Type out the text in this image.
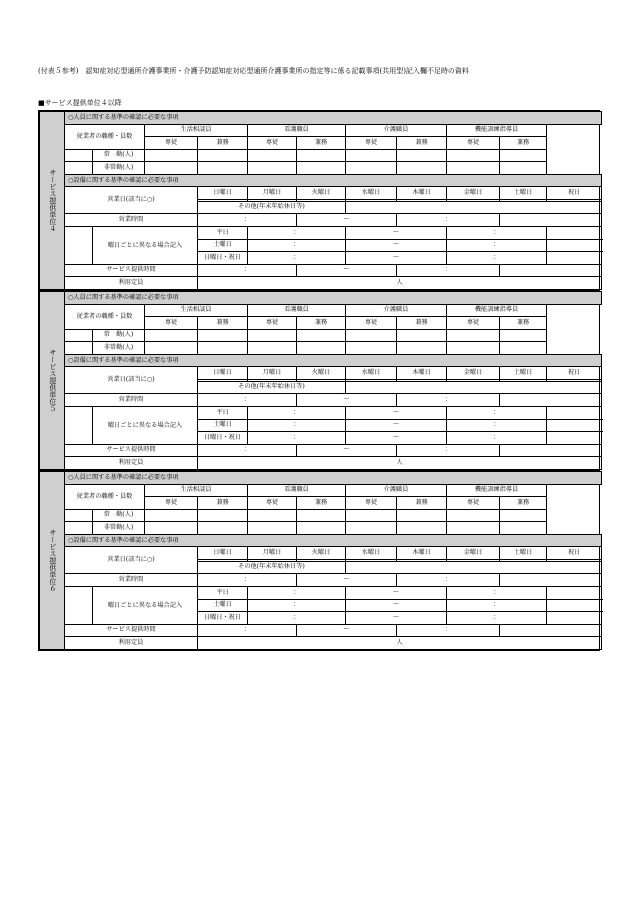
(付表５参考)　認知症対応型通所介護事業所・介護予防認知症対応型通所介護事業所の指定等に係る記載事項(共用型)記入欄不足時の資料
■サービス提供単位４以降
サービス提供単位４	○人員に関する基準の確認に必要な事項										
	従業者の職種・員数		生活相談員		看護職員		介護職員		機能訓練指導員		
			専従	兼務	専従	兼務	専従	兼務	専従	兼務	
		常　勤(人)									
		非常勤(人)									
	○設備に関する基準の確認に必要な事項										
	営業日(該当に○)			日曜日	月曜日	火曜日	水曜日	木曜日	金曜日	土曜日	祝日

				その他(年末年始休日等)							
	営業時間			：		〜		：			
		曜日ごとに異なる場合記入		平日	：		〜		：		
				土曜日	：		〜		：		
				日曜日・祝日	：		〜		：		
	サービス提供時間			：		〜		：			
	利用定員			人							
サービス提供単位５	○人員に関する基準の確認に必要な事項										
	従業者の職種・員数		生活相談員		看護職員		介護職員		機能訓練指導員		
			専従	兼務	専従	兼務	専従	兼務	専従	兼務	
		常　勤(人)									
		非常勤(人)									
	○設備に関する基準の確認に必要な事項										
	営業日(該当に○)			日曜日	月曜日	火曜日	水曜日	木曜日	金曜日	土曜日	祝日

				その他(年末年始休日等)							
	営業時間			：		〜		：			
		曜日ごとに異なる場合記入		平日	：		〜		：		
				土曜日	：		〜		：		
				日曜日・祝日	：		〜		：		
	サービス提供時間			：		〜		：			
	利用定員			人							
サービス提供単位６	○人員に関する基準の確認に必要な事項										
	従業者の職種・員数		生活相談員		看護職員		介護職員		機能訓練指導員		
			専従	兼務	専従	兼務	専従	兼務	専従	兼務	
		常　勤(人)									
		非常勤(人)									
	○設備に関する基準の確認に必要な事項										
	営業日(該当に○)			日曜日	月曜日	火曜日	水曜日	木曜日	金曜日	土曜日	祝日

				その他(年末年始休日等)							
	営業時間			：		〜		：			
		曜日ごとに異なる場合記入		平日	：		〜		：		
				土曜日	：		〜		：		
				日曜日・祝日	：		〜		：		
	サービス提供時間			：		〜		：			
	利用定員			人							
